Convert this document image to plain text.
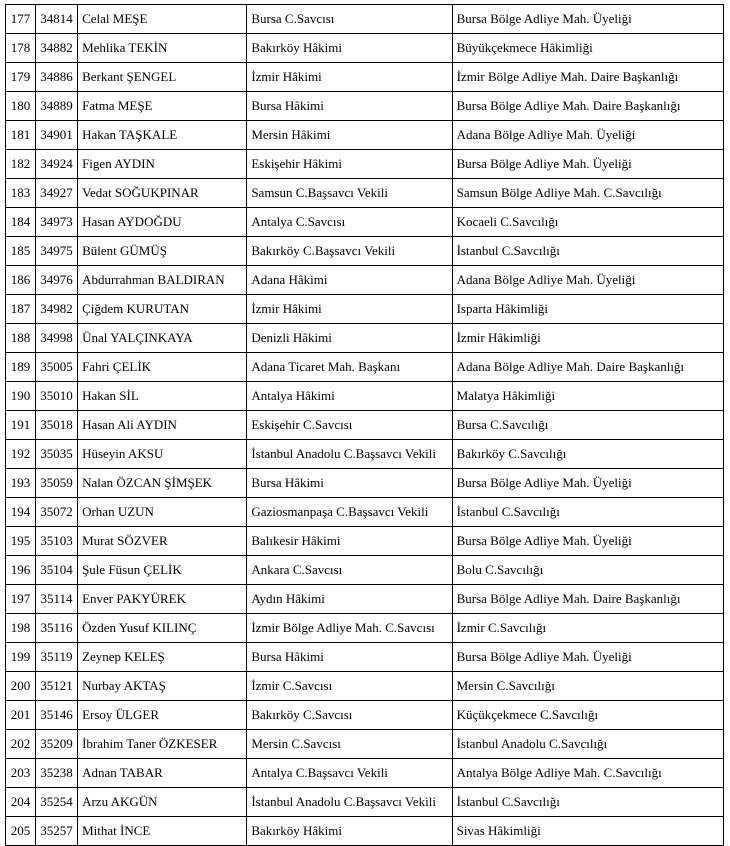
177	34814	Celal MEŞE	Bursa C.Savcısı	Bursa Bölge Adliye Mah. Üyeliği
178	34882	Mehlika TEKİN	Bakırköy Hâkimi	Büyükçekmece Hâkimliği
179	34886	Berkant ŞENGEL	İzmir Hâkimi	İzmir Bölge Adliye Mah. Daire Başkanlığı
180	34889	Fatma MEŞE	Bursa Hâkimi	Bursa Bölge Adliye Mah. Daire Başkanlığı
181	34901	Hakan TAŞKALE	Mersin Hâkimi	Adana Bölge Adliye Mah. Üyeliği
182	34924	Figen AYDIN	Eskişehir Hâkimi	Bursa Bölge Adliye Mah. Üyeliği
183	34927	Vedat SOĞUKPINAR	Samsun C.Başsavcı Vekili	Samsun Bölge Adliye Mah. C.Savcılığı
184	34973	Hasan AYDOĞDU	Antalya C.Savcısı	Kocaeli C.Savcılığı
185	34975	Bülent GÜMÜŞ	Bakırköy C.Başsavcı Vekili	İstanbul C.Savcılığı
186	34976	Abdurrahman BALDIRAN	Adana Hâkimi	Adana Bölge Adliye Mah. Üyeliği
187	34982	Çiğdem KURUTAN	İzmir Hâkimi	Isparta Hâkimliği
188	34998	Ünal YALÇINKAYA	Denizli Hâkimi	İzmir Hâkimliği
189	35005	Fahri ÇELİK	Adana Ticaret Mah. Başkanı	Adana Bölge Adliye Mah. Daire Başkanlığı
190	35010	Hakan SİL	Antalya Hâkimi	Malatya Hâkimliği
191	35018	Hasan Ali AYDIN	Eskişehir C.Savcısı	Bursa C.Savcılığı
192	35035	Hüseyin AKSU	İstanbul Anadolu C.Başsavcı Vekili	Bakırköy C.Savcılığı
193	35059	Nalan ÖZCAN ŞİMŞEK	Bursa Hâkimi	Bursa Bölge Adliye Mah. Üyeliği
194	35072	Orhan UZUN	Gaziosmanpaşa C.Başsavcı Vekili	İstanbul C.Savcılığı
195	35103	Murat SÖZVER	Balıkesir Hâkimi	Bursa Bölge Adliye Mah. Üyeliği
196	35104	Şule Füsun ÇELİK	Ankara C.Savcısı	Bolu C.Savcılığı
197	35114	Enver PAKYÜREK	Aydın Hâkimi	Bursa Bölge Adliye Mah. Daire Başkanlığı
198	35116	Özden Yusuf KILINÇ	İzmir Bölge Adliye Mah. C.Savcısı	İzmir C.Savcılığı
199	35119	Zeynep KELEŞ	Bursa Hâkimi	Bursa Bölge Adliye Mah. Üyeliği
200	35121	Nurbay AKTAŞ	İzmir C.Savcısı	Mersin C.Savcılığı
201	35146	Ersoy ÜLGER	Bakırköy C.Savcısı	Küçükçekmece C.Savcılığı
202	35209	İbrahim Taner ÖZKESER	Mersin C.Savcısı	İstanbul Anadolu C.Savcılığı
203	35238	Adnan TABAR	Antalya C.Başsavcı Vekili	Antalya Bölge Adliye Mah. C.Savcılığı
204	35254	Arzu AKGÜN	İstanbul Anadolu C.Başsavcı Vekili	İstanbul C.Savcılığı
205	35257	Mithat İNCE	Bakırköy Hâkimi	Sivas Hâkimliği
